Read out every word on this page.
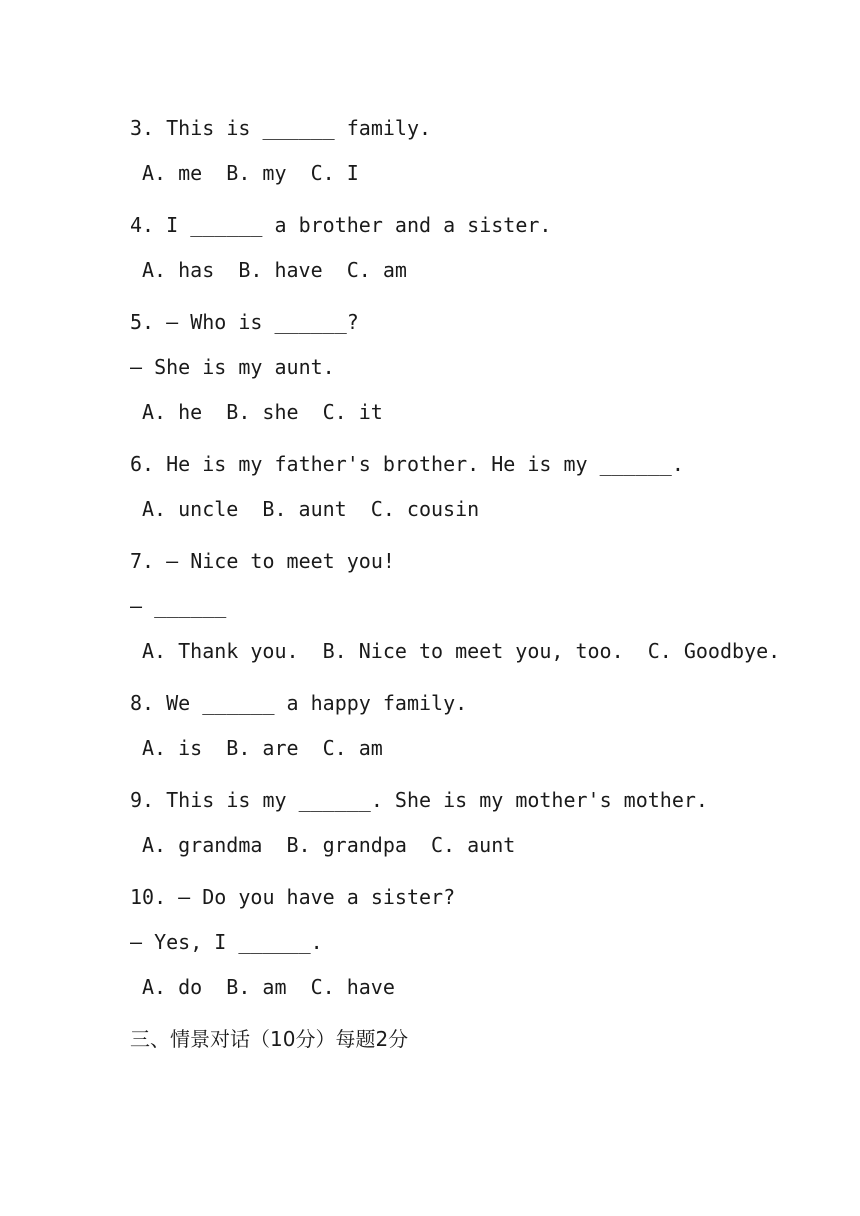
3. This is ______ family.
A. me  B. my  C. I
4. I ______ a brother and a sister.
A. has  B. have  C. am
5. — Who is ______?
— She is my aunt.
A. he  B. she  C. it
6. He is my father's brother. He is my ______.
A. uncle  B. aunt  C. cousin
7. — Nice to meet you!
— ______
A. Thank you.  B. Nice to meet you, too.  C. Goodbye.
8. We ______ a happy family.
A. is  B. are  C. am
9. This is my ______. She is my mother's mother.
A. grandma  B. grandpa  C. aunt
10. — Do you have a sister?
— Yes, I ______.
A. do  B. am  C. have
三、情景对话（10分）每题2分
